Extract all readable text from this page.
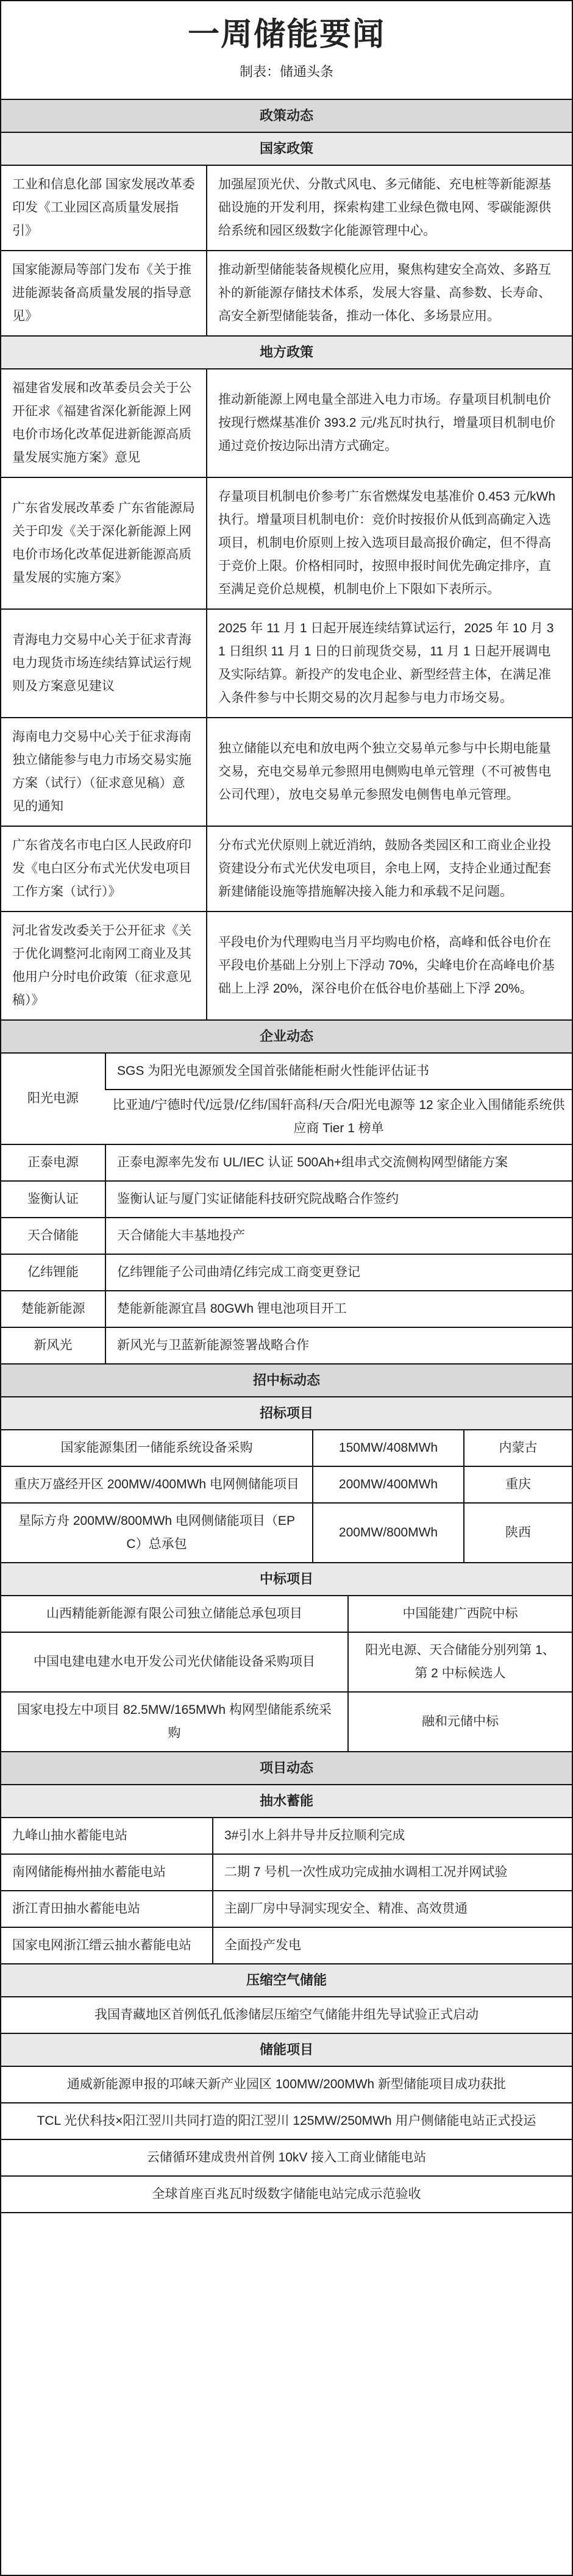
一周储能要闻
制表：储通头条
政策动态
国家政策
工业和信息化部 国家发展改革委印发《工业园区高质量发展指引》	加强屋顶光伏、分散式风电、多元储能、充电桩等新能源基础设施的开发利用，探索构建工业绿色微电网、零碳能源供给系统和园区级数字化能源管理中心。
国家能源局等部门发布《关于推进能源装备高质量发展的指导意见》	推动新型储能装备规模化应用，聚焦构建安全高效、多路互补的新能源存储技术体系，发展大容量、高参数、长寿命、高安全新型储能装备，推动一体化、多场景应用。
地方政策
福建省发展和改革委员会关于公开征求《福建省深化新能源上网电价市场化改革促进新能源高质量发展实施方案》意见	推动新能源上网电量全部进入电力市场。存量项目机制电价按现行燃煤基准价 393.2 元/兆瓦时执行，增量项目机制电价通过竞价按边际出清方式确定。
广东省发展改革委 广东省能源局关于印发《关于深化新能源上网电价市场化改革促进新能源高质量发展的实施方案》	存量项目机制电价参考广东省燃煤发电基准价 0.453 元/kWh 执行。增量项目机制电价：竞价时按报价从低到高确定入选项目，机制电价原则上按入选项目最高报价确定，但不得高于竞价上限。价格相同时，按照申报时间优先确定排序，直至满足竞价总规模，机制电价上下限如下表所示。
青海电力交易中心关于征求青海电力现货市场连续结算试运行规则及方案意见建议	2025 年 11 月 1 日起开展连续结算试运行，2025 年 10 月 31 日组织 11 月 1 日的日前现货交易，11 月 1 日起开展调电及实际结算。新投产的发电企业、新型经营主体，在满足准入条件参与中长期交易的次月起参与电力市场交易。
海南电力交易中心关于征求海南独立储能参与电力市场交易实施方案（试行）（征求意见稿）意见的通知	独立储能以充电和放电两个独立交易单元参与中长期电能量交易，充电交易单元参照用电侧购电单元管理（不可被售电公司代理），放电交易单元参照发电侧售电单元管理。
广东省茂名市电白区人民政府印发《电白区分布式光伏发电项目工作方案（试行）》	分布式光伏原则上就近消纳，鼓励各类园区和工商业企业投资建设分布式光伏发电项目，余电上网，支持企业通过配套新建储能设施等措施解决接入能力和承载不足问题。
河北省发改委关于公开征求《关于优化调整河北南网工商业及其他用户分时电价政策（征求意见稿）》	平段电价为代理购电当月平均购电价格，高峰和低谷电价在平段电价基础上分别上下浮动 70%，尖峰电价在高峰电价基础上上浮 20%，深谷电价在低谷电价基础上下浮 20%。
企业动态
阳光电源	SGS 为阳光电源颁发全国首张储能柜耐火性能评估证书
	比亚迪/宁德时代/远景/亿纬/国轩高科/天合/阳光电源等 12 家企业入围储能系统供应商 Tier 1 榜单
正泰电源	正泰电源率先发布 UL/IEC 认证 500Ah+组串式交流侧构网型储能方案
鉴衡认证	鉴衡认证与厦门实证储能科技研究院战略合作签约
天合储能	天合储能大丰基地投产
亿纬锂能	亿纬锂能子公司曲靖亿纬完成工商变更登记
楚能新能源	楚能新能源宜昌 80GWh 锂电池项目开工
新风光	新风光与卫蓝新能源签署战略合作
招中标动态
招标项目
国家能源集团一储能系统设备采购	150MW/408MWh	内蒙古
重庆万盛经开区 200MW/400MWh 电网侧储能项目	200MW/400MWh	重庆
星际方舟 200MW/800MWh 电网侧储能项目（EPC）总承包	200MW/800MWh	陕西
中标项目
山西精能新能源有限公司独立储能总承包项目	中国能建广西院中标
中国电建电建水电开发公司光伏储能设备采购项目	阳光电源、天合储能分别列第 1、第 2 中标候选人
国家电投左中项目 82.5MW/165MWh 构网型储能系统采购	融和元储中标
项目动态
抽水蓄能
九峰山抽水蓄能电站	3#引水上斜井导井反拉顺利完成
南网储能梅州抽水蓄能电站	二期 7 号机一次性成功完成抽水调相工况并网试验
浙江青田抽水蓄能电站	主副厂房中导洞实现安全、精准、高效贯通
国家电网浙江缙云抽水蓄能电站	全面投产发电
压缩空气储能
我国青藏地区首例低孔低渗储层压缩空气储能井组先导试验正式启动
储能项目
通威新能源申报的邛崃天新产业园区 100MW/200MWh 新型储能项目成功获批
TCL 光伏科技×阳江翌川共同打造的阳江翌川 125MW/250MWh 用户侧储能电站正式投运
云储循环建成贵州首例 10kV 接入工商业储能电站
全球首座百兆瓦时级数字储能电站完成示范验收
